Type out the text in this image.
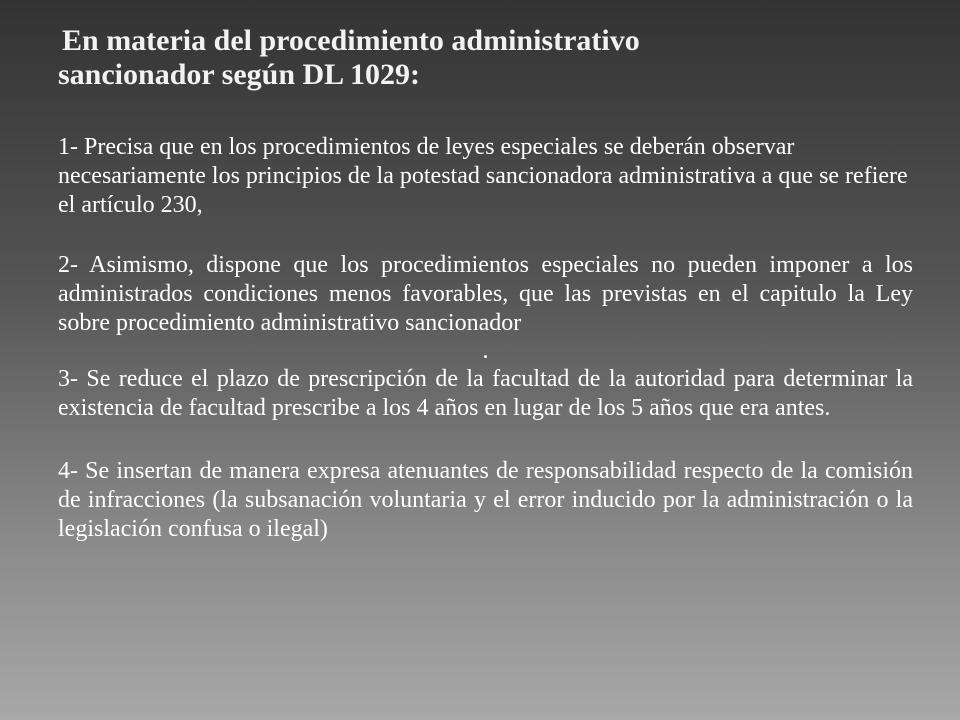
En materia del procedimiento administrativo
sancionador según DL 1029:

1- Precisa que en los procedimientos de leyes especiales se deberán observar necesariamente los principios de la potestad sancionadora administrativa a que se refiere el artículo 230,

2- Asimismo, dispone que los procedimientos especiales no pueden imponer a los administrados condiciones menos favorables, que las previstas en el capitulo la Ley sobre procedimiento administrativo sancionador

.

3- Se reduce el plazo de prescripción de la facultad de la autoridad para determinar la existencia de facultad prescribe a los 4 años en lugar de los 5 años que era antes.

4- Se insertan de manera expresa atenuantes de responsabilidad respecto de la comisión de infracciones (la subsanación voluntaria y el error inducido por la administración o la legislación confusa o ilegal)
